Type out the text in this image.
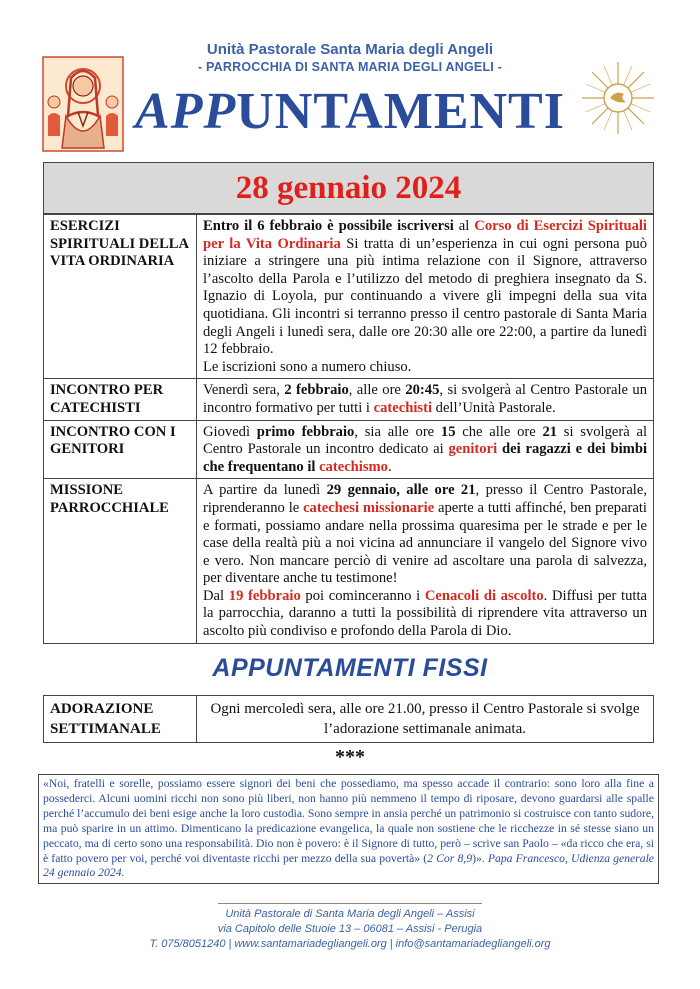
Unità Pastorale Santa Maria degli Angeli
- PARROCCHIA DI SANTA MARIA DEGLI ANGELI -
APPUNTAMENTI
28 gennaio 2024
ESERCIZI SPIRITUALI DELLA VITA ORDINARIA	Entro il 6 febbraio è possibile iscriversi al Corso di Esercizi Spirituali per la Vita Ordinaria Si tratta di un’esperienza in cui ogni persona può iniziare a stringere una più intima relazione con il Signore, attraverso l’ascolto della Parola e l’utilizzo del metodo di preghiera insegnato da S. Ignazio di Loyola, pur continuando a vivere gli impegni della sua vita quotidiana. Gli incontri si terranno presso il centro pastorale di Santa Maria degli Angeli i lunedì sera, dalle ore 20:30 alle ore 22:00, a partire da lunedì 12 febbraio.
Le iscrizioni sono a numero chiuso.
INCONTRO PER CATECHISTI	Venerdì sera, 2 febbraio, alle ore 20:45, si svolgerà al Centro Pastorale un incontro formativo per tutti i catechisti dell’Unità Pastorale.
INCONTRO CON I GENITORI	Giovedì primo febbraio, sia alle ore 15 che alle ore 21 si svolgerà al Centro Pastorale un incontro dedicato ai genitori dei ragazzi e dei bimbi che frequentano il catechismo.
MISSIONE PARROCCHIALE	A partire da lunedì 29 gennaio, alle ore 21, presso il Centro Pastorale, riprenderanno le catechesi missionarie aperte a tutti affinché, ben preparati e formati, possiamo andare nella prossima quaresima per le strade e per le case della realtà più a noi vicina ad annunciare il vangelo del Signore vivo e vero. Non mancare perciò di venire ad ascoltare una parola di salvezza, per diventare anche tu testimone!
Dal 19 febbraio poi cominceranno i Cenacoli di ascolto. Diffusi per tutta la parrocchia, daranno a tutti la possibilità di riprendere vita attraverso un ascolto più condiviso e profondo della Parola di Dio.
APPUNTAMENTI FISSI
ADORAZIONE SETTIMANALE	Ogni mercoledì sera, alle ore 21.00, presso il Centro Pastorale si svolge l’adorazione settimanale animata.
***
«Noi, fratelli e sorelle, possiamo essere signori dei beni che possediamo, ma spesso accade il contrario: sono loro alla fine a possederci. Alcuni uomini ricchi non sono più liberi, non hanno più nemmeno il tempo di riposare, devono guardarsi alle spalle perché l’accumulo dei beni esige anche la loro custodia. Sono sempre in ansia perché un patrimonio si costruisce con tanto sudore, ma può sparire in un attimo. Dimenticano la predicazione evangelica, la quale non sostiene che le ricchezze in sé stesse siano un peccato, ma di certo sono una responsabilità. Dio non è povero: è il Signore di tutto, però – scrive san Paolo – «da ricco che era, si è fatto povero per voi, perché voi diventaste ricchi per mezzo della sua povertà» (2 Cor 8,9)». Papa Francesco, Udienza generale 24 gennaio 2024.
Unità Pastorale di Santa Maria degli Angeli – Assisi
via Capitolo delle Stuoie 13 – 06081 – Assisi - Perugia
T. 075/8051240 | www.santamariadegliangeli.org | info@santamariadegliangeli.org
